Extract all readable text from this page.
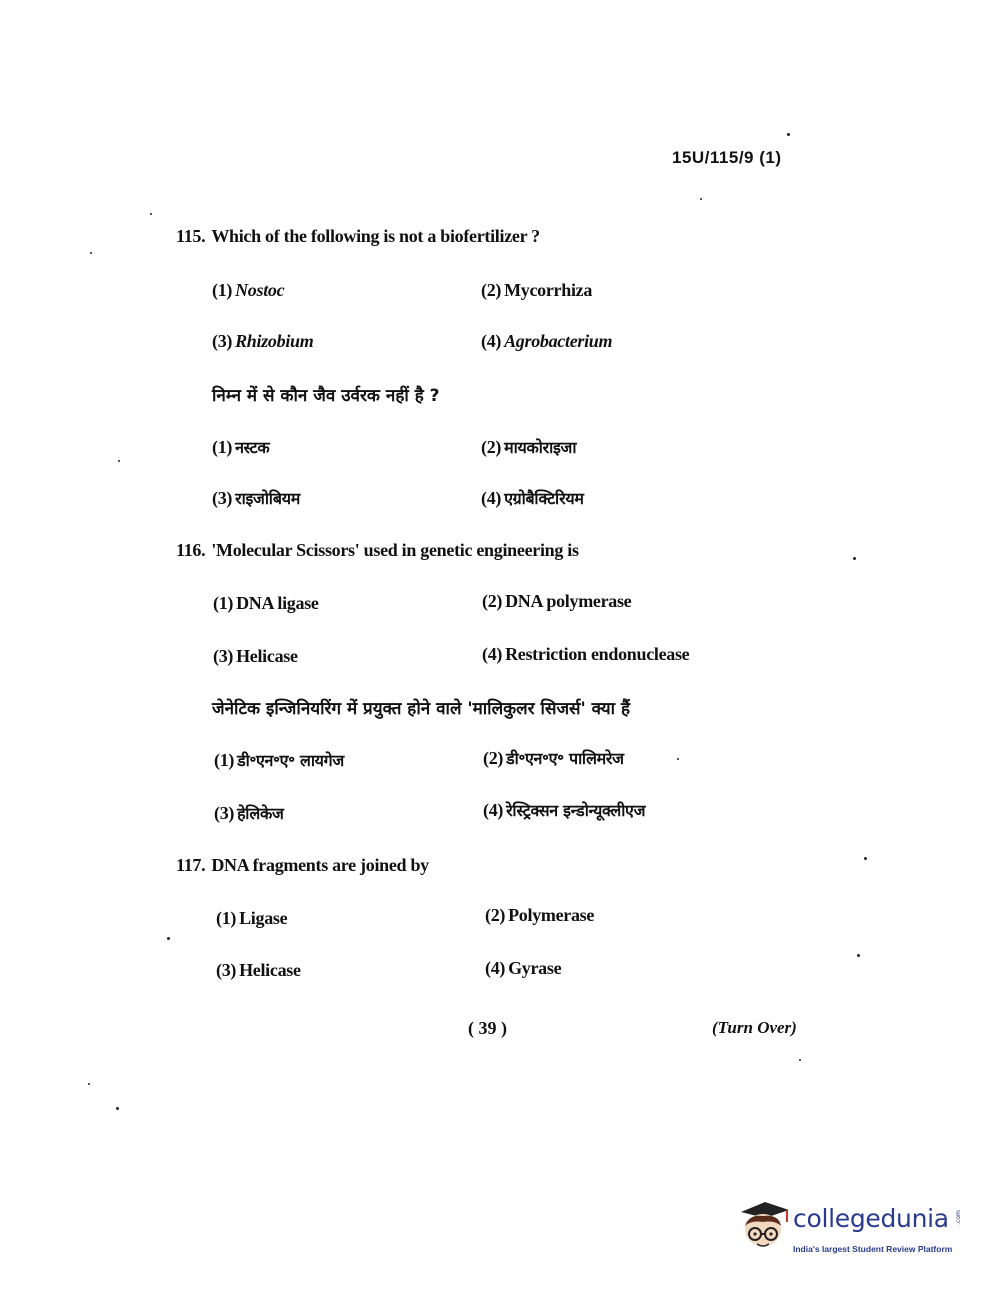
15U/115/9 (1)
115. Which of the following is not a biofertilizer ?
(1) Nostoc	(2) Mycorrhiza
(3) Rhizobium	(4) Agrobacterium
निम्न में से कौन जैव उर्वरक नहीं है ?
(1) नस्टक	(2) मायकोराइजा
(3) राइजोबियम	(4) एग्रोबैक्टिरियम
116. 'Molecular Scissors' used in genetic engineering is
(1) DNA ligase	(2) DNA polymerase
(3) Helicase	(4) Restriction endonuclease
जेनेटिक इन्जिनियरिंग में प्रयुक्त होने वाले 'मालिकुलर सिजर्स' क्या हैं
(1) डी॰एन॰ए॰ लायगेज	(2) डी॰एन॰ए॰ पालिमरेज
(3) हेलिकेज	(4) रेस्ट्रिक्सन इन्डोन्यूक्लीएज
117. DNA fragments are joined by
(1) Ligase	(2) Polymerase
(3) Helicase	(4) Gyrase
( 39 )	(Turn Over)
collegedunia .com
India's largest Student Review Platform
